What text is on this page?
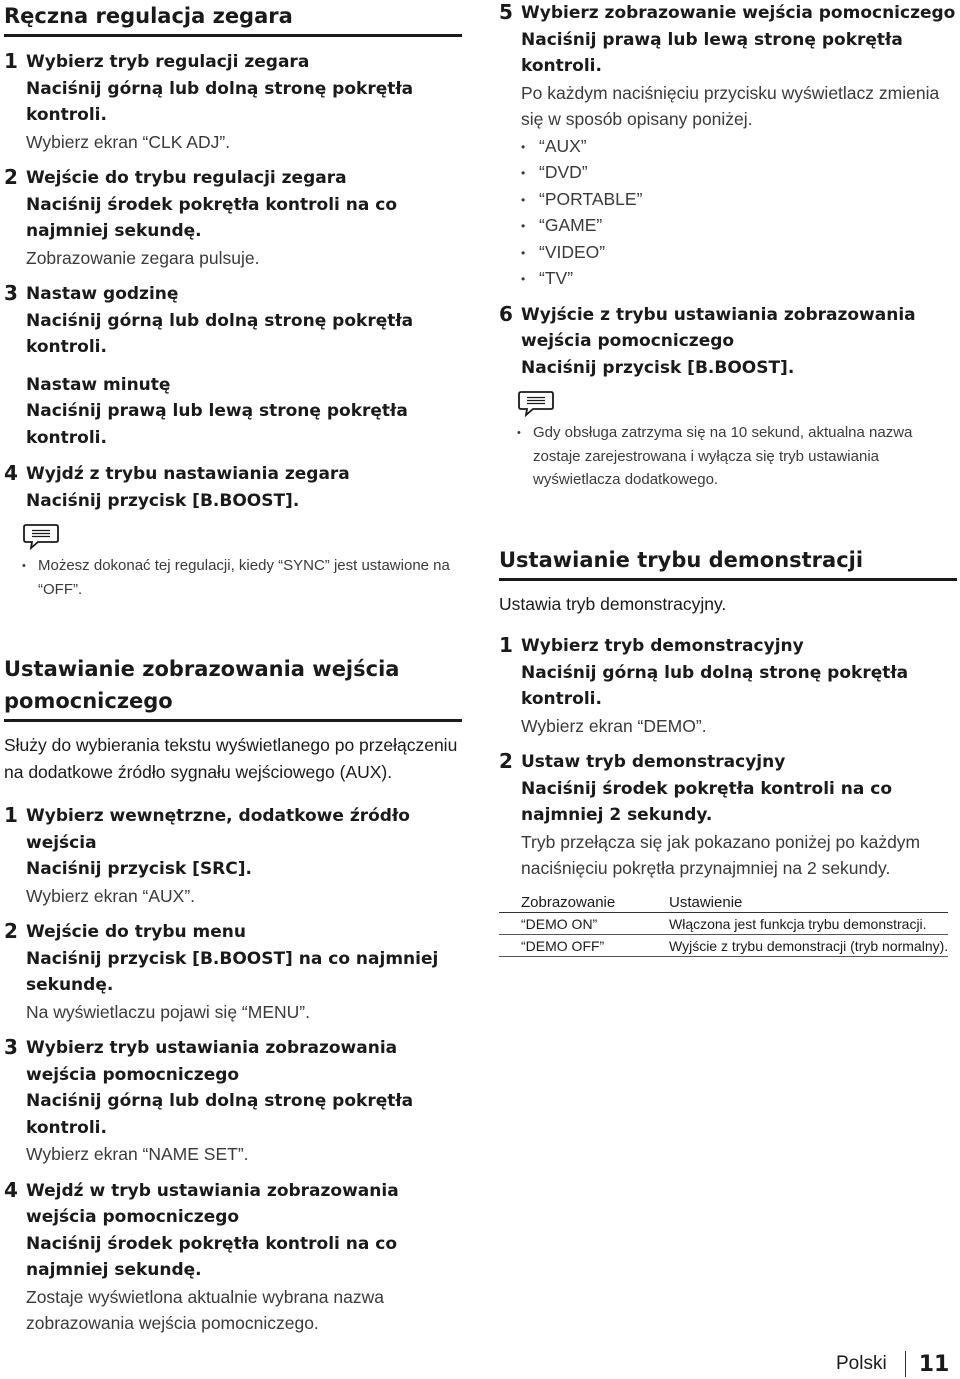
Ręczna regulacja zegara
1 Wybierz tryb regulacji zegara
Naciśnij górną lub dolną stronę pokrętła kontroli.
Wybierz ekran “CLK ADJ”.
2 Wejście do trybu regulacji zegara
Naciśnij środek pokrętła kontroli na co najmniej sekundę.
Zobrazowanie zegara pulsuje.
3 Nastaw godzinę
Naciśnij górną lub dolną stronę pokrętła kontroli.
Nastaw minutę
Naciśnij prawą lub lewą stronę pokrętła kontroli.
4 Wyjdź z trybu nastawiania zegara
Naciśnij przycisk [B.BOOST].
• Możesz dokonać tej regulacji, kiedy “SYNC” jest ustawione na “OFF”.
Ustawianie zobrazowania wejścia pomocniczego
Służy do wybierania tekstu wyświetlanego po przełączeniu na dodatkowe źródło sygnału wejściowego (AUX).
1 Wybierz wewnętrzne, dodatkowe źródło wejścia
Naciśnij przycisk [SRC].
Wybierz ekran “AUX”.
2 Wejście do trybu menu
Naciśnij przycisk [B.BOOST] na co najmniej sekundę.
Na wyświetlaczu pojawi się “MENU”.
3 Wybierz tryb ustawiania zobrazowania wejścia pomocniczego
Naciśnij górną lub dolną stronę pokrętła kontroli.
Wybierz ekran “NAME SET”.
4 Wejdź w tryb ustawiania zobrazowania wejścia pomocniczego
Naciśnij środek pokrętła kontroli na co najmniej sekundę.
Zostaje wyświetlona aktualnie wybrana nazwa zobrazowania wejścia pomocniczego.
5 Wybierz zobrazowanie wejścia pomocniczego
Naciśnij prawą lub lewą stronę pokrętła kontroli.
Po każdym naciśnięciu przycisku wyświetlacz zmienia się w sposób opisany poniżej.
• “AUX”
• “DVD”
• “PORTABLE”
• “GAME”
• “VIDEO”
• “TV”
6 Wyjście z trybu ustawiania zobrazowania wejścia pomocniczego
Naciśnij przycisk [B.BOOST].
• Gdy obsługa zatrzyma się na 10 sekund, aktualna nazwa zostaje zarejestrowana i wyłącza się tryb ustawiania wyświetlacza dodatkowego.
Ustawianie trybu demonstracji
Ustawia tryb demonstracyjny.
1 Wybierz tryb demonstracyjny
Naciśnij górną lub dolną stronę pokrętła kontroli.
Wybierz ekran “DEMO”.
2 Ustaw tryb demonstracyjny
Naciśnij środek pokrętła kontroli na co najmniej 2 sekundy.
Tryb przełącza się jak pokazano poniżej po każdym naciśnięciu pokrętła przynajmniej na 2 sekundy.
Zobrazowanie	Ustawienie
“DEMO ON”	Włączona jest funkcja trybu demonstracji.
“DEMO OFF”	Wyjście z trybu demonstracji (tryb normalny).
Polski 11
